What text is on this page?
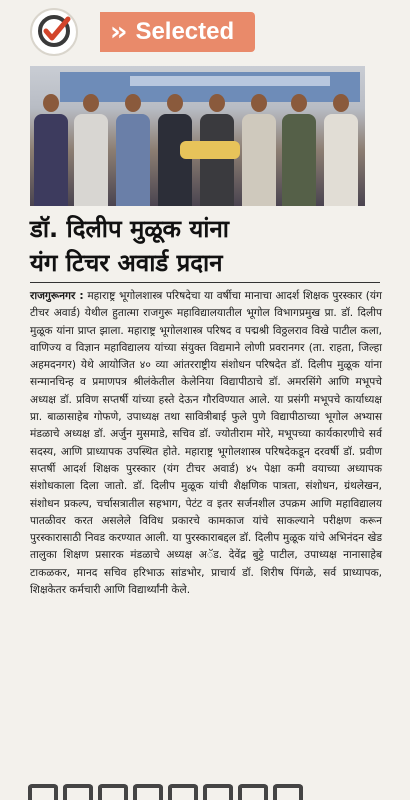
›› Selected
डॉ. दिलीप मुळूक यांना
यंग टिचर अवार्ड प्रदान
राजगुरूनगर : महाराष्ट्र भूगोलशास्त्र परिषदेचा या वर्षीचा मानाचा आदर्श शिक्षक पुरस्कार (यंग टीचर अवार्ड) येथील हुतात्मा राजगुरू महाविद्यालयातील भूगोल विभागप्रमुख प्रा. डॉ. दिलीप मुळूक यांना प्राप्त झाला. महाराष्ट्र भूगोलशास्त्र परिषद व पद्मश्री विठ्ठलराव विखे पाटील कला, वाणिज्य व विज्ञान महाविद्यालय यांच्या संयुक्त विद्यमाने लोणी प्रवरानगर (ता. राहता, जिल्हा अहमदनगर) येथे आयोजित ४० व्या आंतरराष्ट्रीय संशोधन परिषदेत डॉ. दिलीप मुळूक यांना सन्मानचिन्ह व प्रमाणपत्र श्रीलंकेतील केलेनिया विद्यापीठाचे डॉ. अमरसिंगे आणि मभूपचे अध्यक्ष डॉ. प्रविण सप्तर्षी यांच्या हस्ते देऊन गौरविण्यात आले. या प्रसंगी मभूपचे कार्याध्यक्ष प्रा. बाळासाहेब गोफणे, उपाध्यक्ष तथा सावित्रीबाई फुले पुणे विद्यापीठाच्या भूगोल अभ्यास मंडळाचे अध्यक्ष डॉ. अर्जुन मुसमाडे, सचिव डॉ. ज्योतीराम मोरे, मभूपच्या कार्यकारणीचे सर्व सदस्य, आणि प्राध्यापक उपस्थित होते. महाराष्ट्र भूगोलशास्त्र परिषदेकडून दरवर्षी डॉ. प्रवीण सप्तर्षी आदर्श शिक्षक पुरस्कार (यंग टीचर अवार्ड) ४५ पेक्षा कमी वयाच्या अध्यापक संशोधकाला दिला जातो. डॉ. दिलीप मुळूक यांची शैक्षणिक पात्रता, संशोधन, ग्रंथलेखन, संशोधन प्रकल्प, चर्चासत्रातील सहभाग, पेटंट व इतर सर्जनशील उपक्रम आणि महाविद्यालय पातळीवर करत असलेले विविध प्रकारचे कामकाज यांचे साकल्याने परीक्षण करून पुरस्कारासाठी निवड करण्यात आली. या पुरस्काराबद्दल डॉ. दिलीप मुळूक यांचे अभिनंदन खेड तालुका शिक्षण प्रसारक मंडळाचे अध्यक्ष अॅड. देवेंद्र बुट्टे पाटील, उपाध्यक्ष नानासाहेब टाकळकर, मानद सचिव हरिभाऊ सांडभोर, प्राचार्य डॉ. शिरीष पिंगळे, सर्व प्राध्यापक, शिक्षकेतर कर्मचारी आणि विद्यार्थ्यांनी केले.
